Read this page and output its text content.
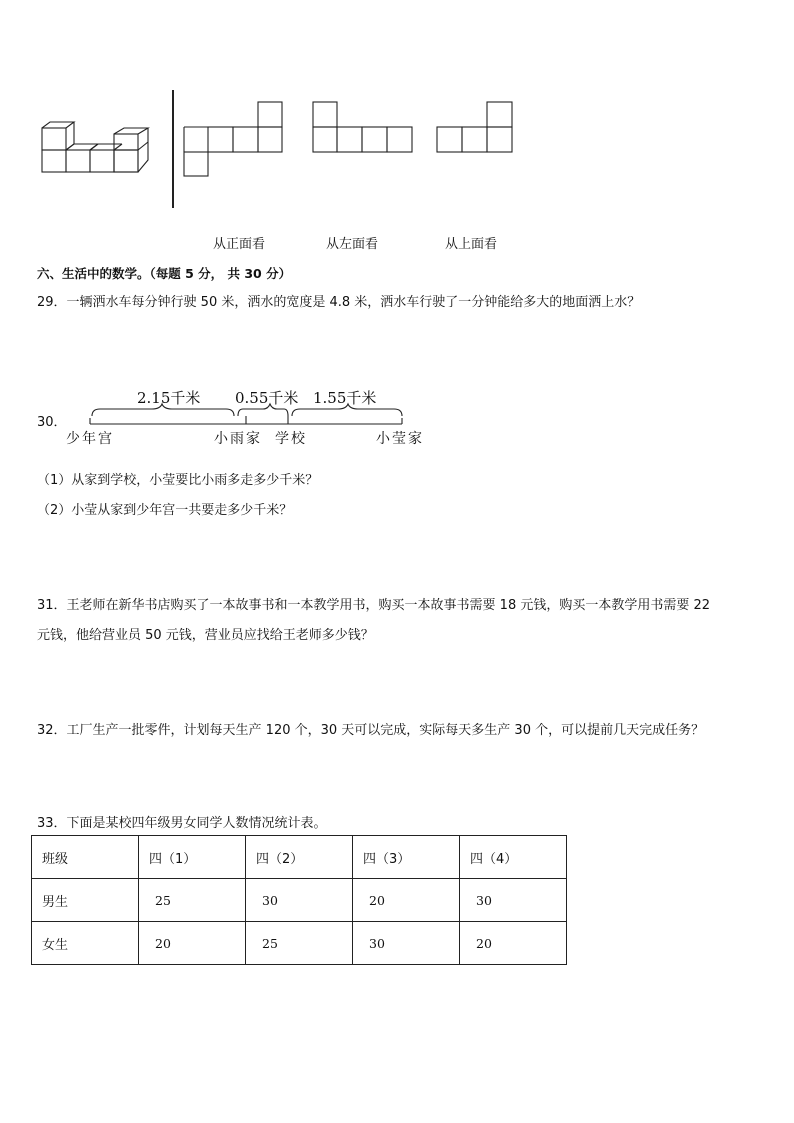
从正面看	从左面看	从上面看
六、生活中的数学。（每题 5 分， 共 30 分）
29．一辆洒水车每分钟行驶 50 米，洒水的宽度是 4.8 米，洒水车行驶了一分钟能给多大的地面洒上水？
30．
2.15千米 0.55千米 1.55千米
少年宫	小雨家 学校	小莹家
（1）从家到学校，小莹要比小雨多走多少千米？
（2）小莹从家到少年宫一共要走多少千米？
31．王老师在新华书店购买了一本故事书和一本教学用书，购买一本故事书需要 18 元钱，购买一本教学用书需要 22
元钱，他给营业员 50 元钱，营业员应找给王老师多少钱？
32．工厂生产一批零件，计划每天生产 120 个，30 天可以完成，实际每天多生产 30 个，可以提前几天完成任务？
33．下面是某校四年级男女同学人数情况统计表。
班级	四（1）	四（2）	四（3）	四（4）
男生	25	30	20	30
女生	20	25	30	20
